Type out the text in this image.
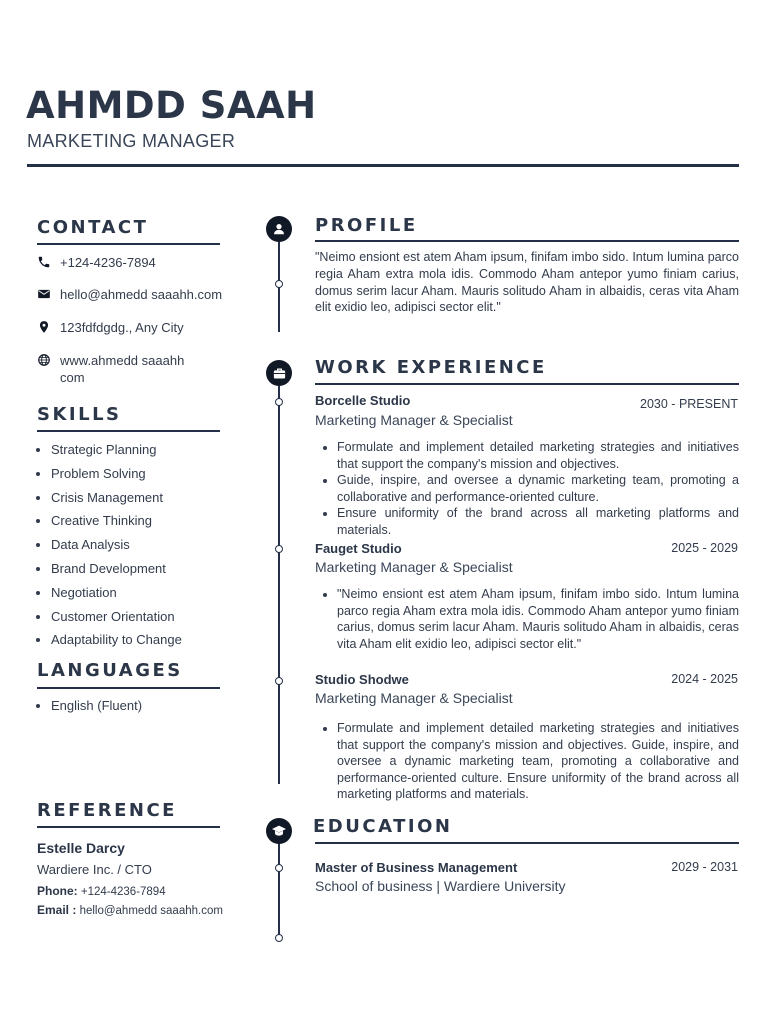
AHMDD SAAH
MARKETING MANAGER
CONTACT
+124-4236-7894
hello@ahmedd saaahh.com
123fdfdgdg., Any City
www.ahmedd saaahh com
SKILLS
• Strategic Planning
• Problem Solving
• Crisis Management
• Creative Thinking
• Data Analysis
• Brand Development
• Negotiation
• Customer Orientation
• Adaptability to Change
LANGUAGES
• English (Fluent)
REFERENCE
Estelle Darcy
Wardiere Inc. / CTO
Phone: +124-4236-7894
Email : hello@ahmedd saaahh.com
PROFILE
"Neimo ensiont est atem Aham ipsum, finifam imbo sido. Intum lumina parco regia Aham extra mola idis. Commodo Aham antepor yumo finiam carius, domus serim lacur Aham. Mauris solitudo Aham in albaidis, ceras vita Aham elit exidio leo, adipisci sector elit."
WORK EXPERIENCE
Borcelle Studio	2030 - PRESENT
Marketing Manager & Specialist
• Formulate and implement detailed marketing strategies and initiatives that support the company's mission and objectives.
• Guide, inspire, and oversee a dynamic marketing team, promoting a collaborative and performance-oriented culture.
• Ensure uniformity of the brand across all marketing platforms and materials.
Fauget Studio	2025 - 2029
Marketing Manager & Specialist
• "Neimo ensiont est atem Aham ipsum, finifam imbo sido. Intum lumina parco regia Aham extra mola idis. Commodo Aham antepor yumo finiam carius, domus serim lacur Aham. Mauris solitudo Aham in albaidis, ceras vita Aham elit exidio leo, adipisci sector elit."
Studio Shodwe	2024 - 2025
Marketing Manager & Specialist
• Formulate and implement detailed marketing strategies and initiatives that support the company's mission and objectives. Guide, inspire, and oversee a dynamic marketing team, promoting a collaborative and performance-oriented culture. Ensure uniformity of the brand across all marketing platforms and materials.
EDUCATION
Master of Business Management	2029 - 2031
School of business | Wardiere University
